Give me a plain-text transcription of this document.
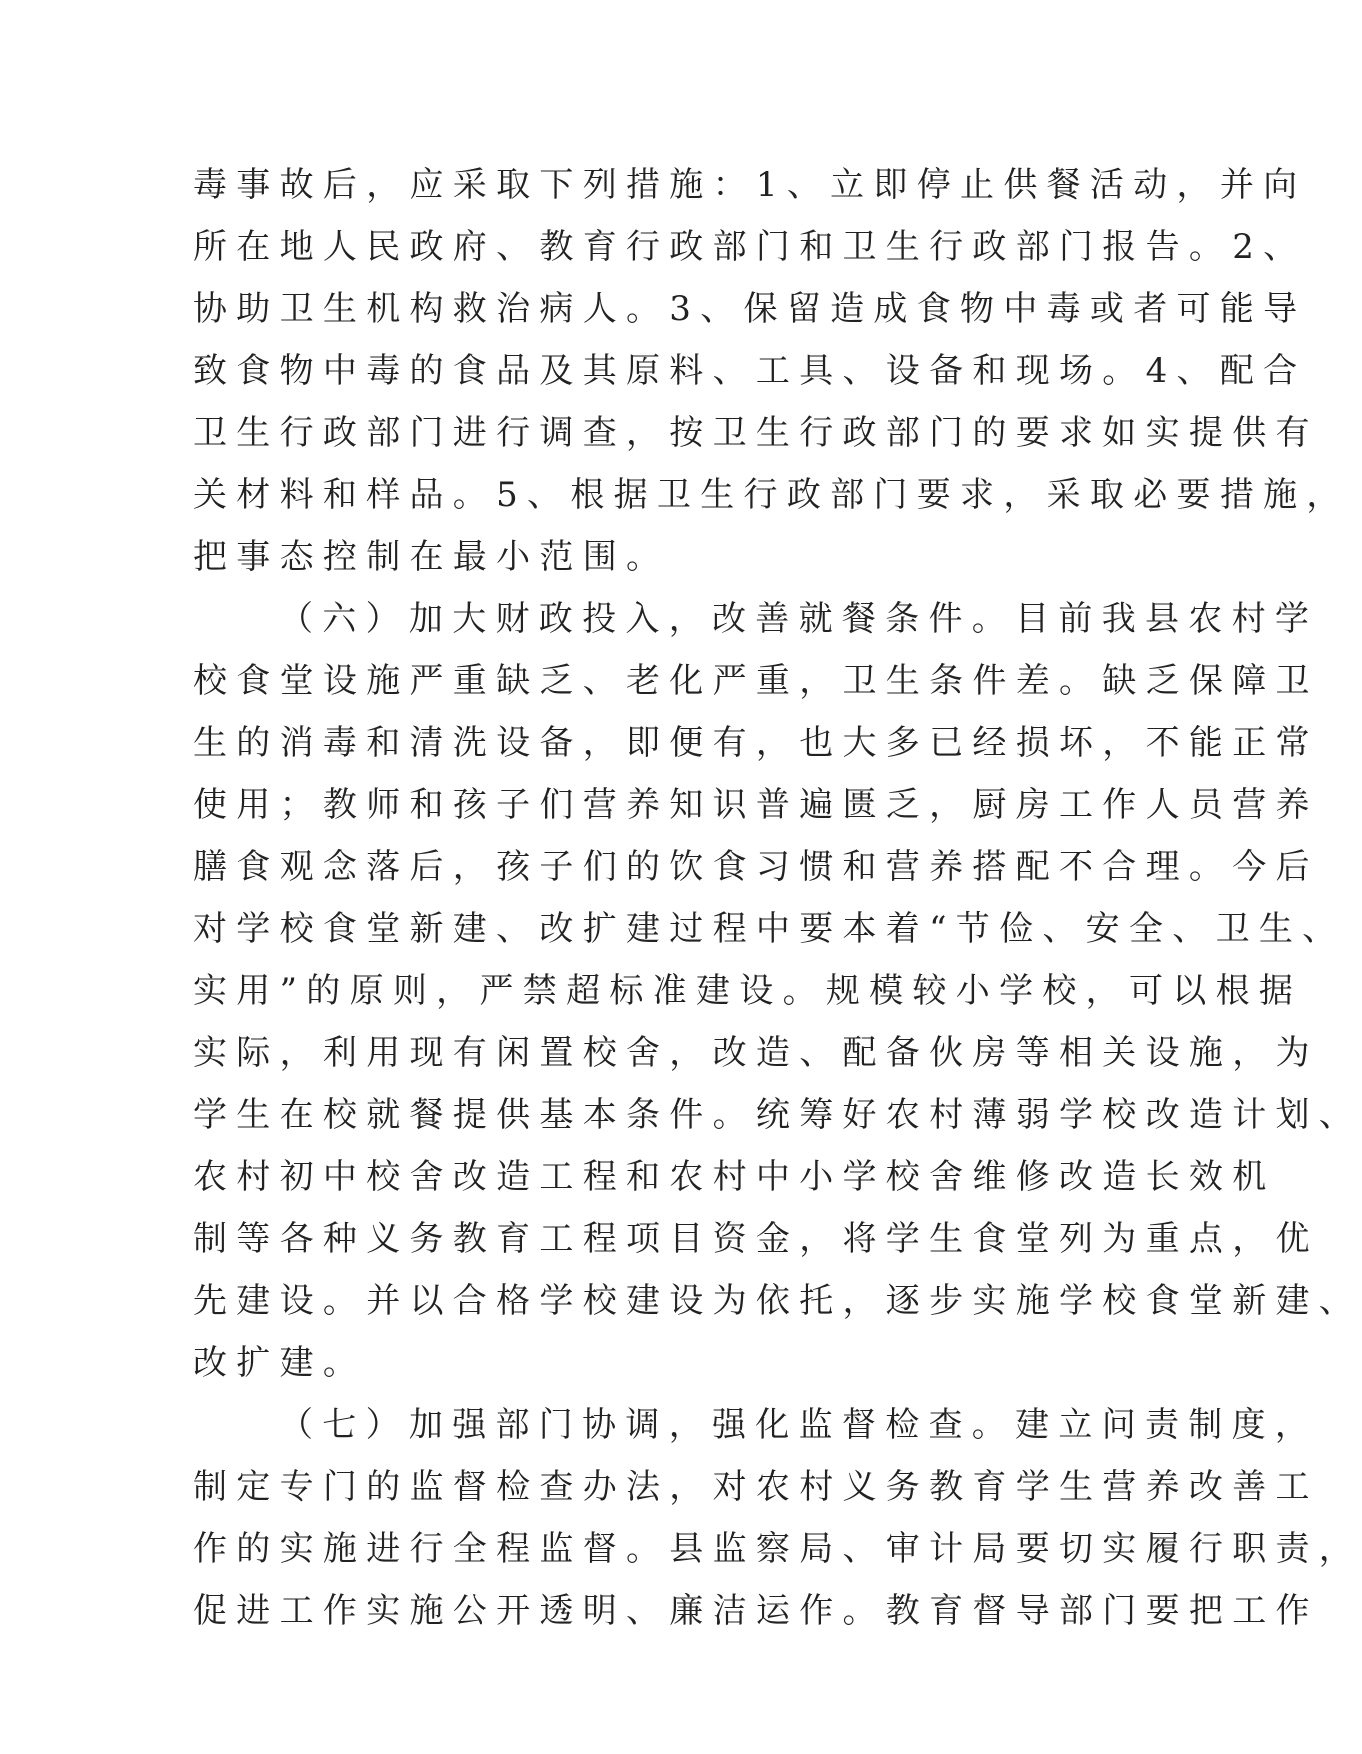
毒事故后，应采取下列措施：1、立即停止供餐活动，并向

所在地人民政府、教育行政部门和卫生行政部门报告。2、

协助卫生机构救治病人。3、保留造成食物中毒或者可能导

致食物中毒的食品及其原料、工具、设备和现场。4、配合

卫生行政部门进行调查，按卫生行政部门的要求如实提供有

关材料和样品。5、根据卫生行政部门要求，采取必要措施，

把事态控制在最小范围。

（六）加大财政投入，改善就餐条件。目前我县农村学

校食堂设施严重缺乏、老化严重，卫生条件差。缺乏保障卫

生的消毒和清洗设备，即便有，也大多已经损坏，不能正常

使用；教师和孩子们营养知识普遍匮乏，厨房工作人员营养

膳食观念落后，孩子们的饮食习惯和营养搭配不合理。今后

对学校食堂新建、改扩建过程中要本着“节俭、安全、卫生、

实用”的原则，严禁超标准建设。规模较小学校，可以根据

实际，利用现有闲置校舍，改造、配备伙房等相关设施，为

学生在校就餐提供基本条件。统筹好农村薄弱学校改造计划、

农村初中校舍改造工程和农村中小学校舍维修改造长效机

制等各种义务教育工程项目资金，将学生食堂列为重点，优

先建设。并以合格学校建设为依托，逐步实施学校食堂新建、

改扩建。

（七）加强部门协调，强化监督检查。建立问责制度，

制定专门的监督检查办法，对农村义务教育学生营养改善工

作的实施进行全程监督。县监察局、审计局要切实履行职责，

促进工作实施公开透明、廉洁运作。教育督导部门要把工作
